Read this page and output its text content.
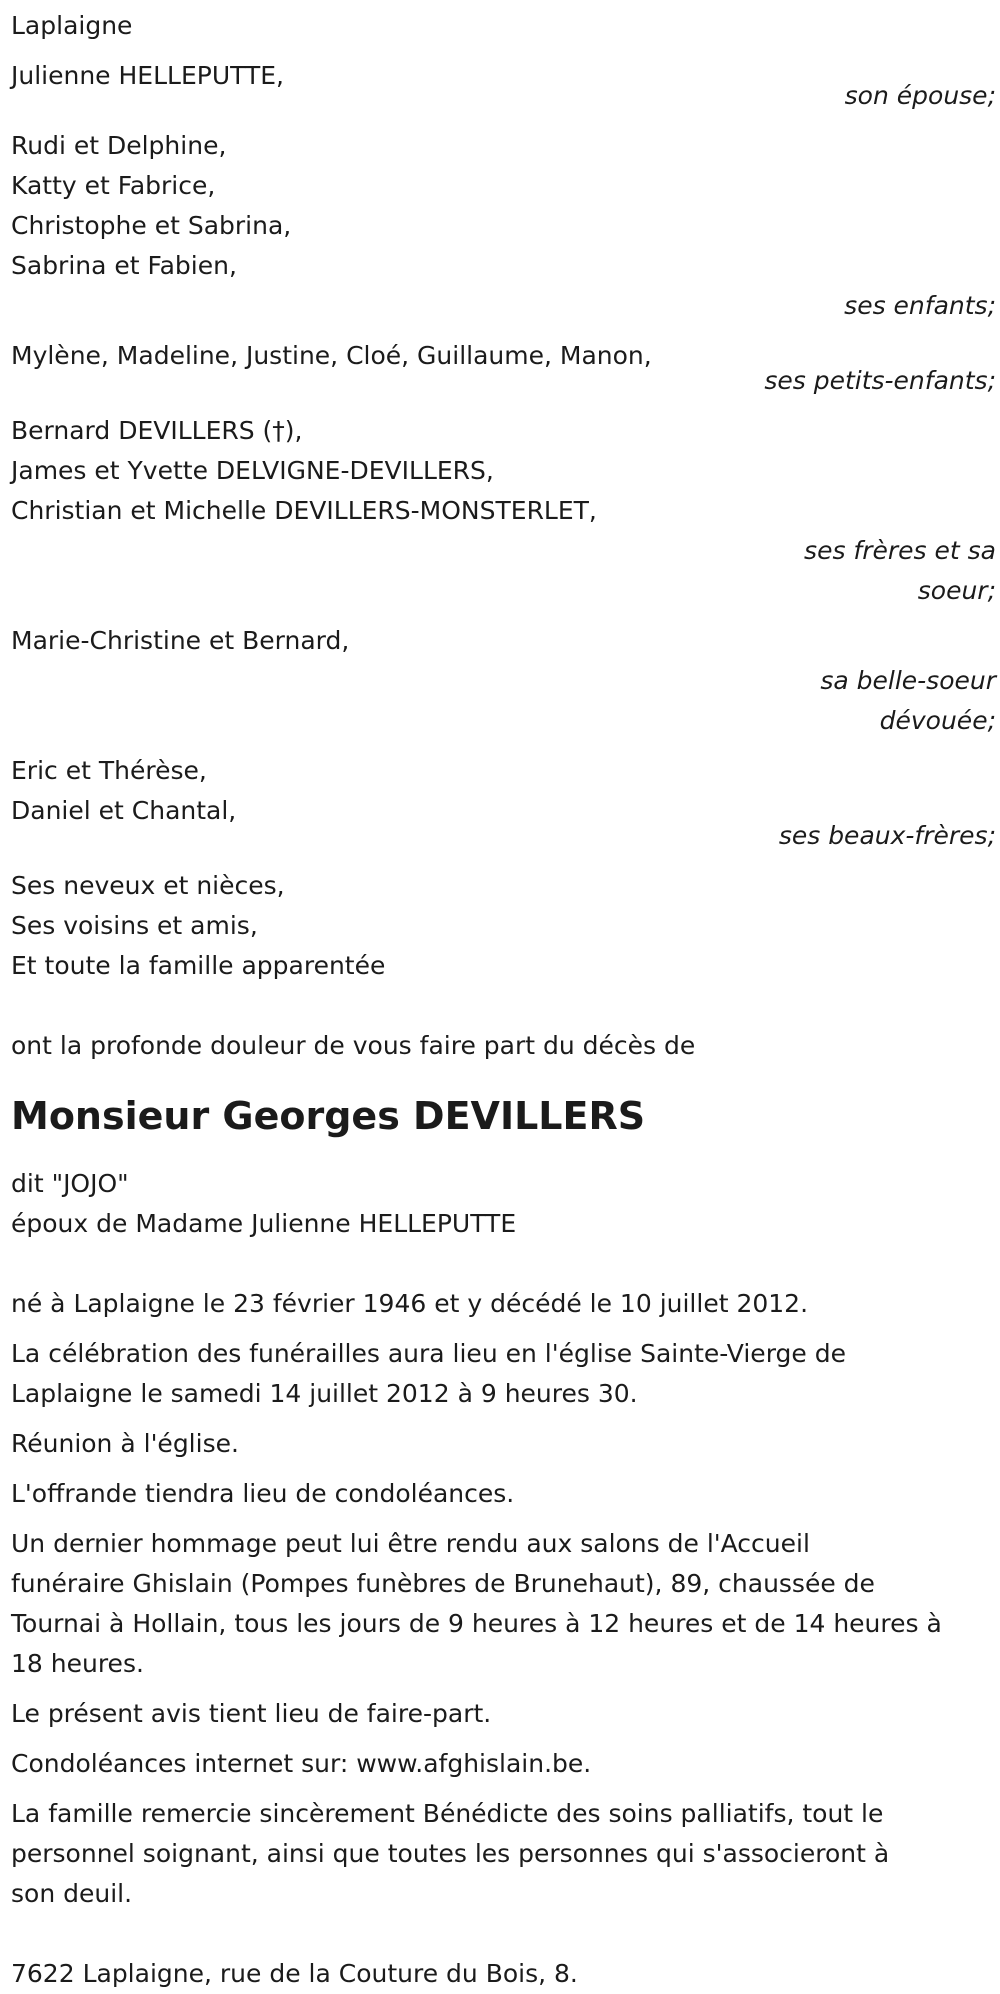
Laplaigne
Julienne HELLEPUTTE,
son épouse;
Rudi et Delphine,
Katty et Fabrice,
Christophe et Sabrina,
Sabrina et Fabien,
ses enfants;
Mylène, Madeline, Justine, Cloé, Guillaume, Manon,
ses petits-enfants;
Bernard DEVILLERS (†),
James et Yvette DELVIGNE-DEVILLERS,
Christian et Michelle DEVILLERS-MONSTERLET,
ses frères et sa
soeur;
Marie-Christine et Bernard,
sa belle-soeur
dévouée;
Eric et Thérèse,
Daniel et Chantal,
ses beaux-frères;
Ses neveux et nièces,
Ses voisins et amis,
Et toute la famille apparentée
ont la profonde douleur de vous faire part du décès de
Monsieur Georges DEVILLERS
dit "JOJO"
époux de Madame Julienne HELLEPUTTE
né à Laplaigne le 23 février 1946 et y décédé le 10 juillet 2012.
La célébration des funérailles aura lieu en l'église Sainte-Vierge de
Laplaigne le samedi 14 juillet 2012 à 9 heures 30.
Réunion à l'église.
L'offrande tiendra lieu de condoléances.
Un dernier hommage peut lui être rendu aux salons de l'Accueil
funéraire Ghislain (Pompes funèbres de Brunehaut), 89, chaussée de
Tournai à Hollain, tous les jours de 9 heures à 12 heures et de 14 heures à
18 heures.
Le présent avis tient lieu de faire-part.
Condoléances internet sur: www.afghislain.be.
La famille remercie sincèrement Bénédicte des soins palliatifs, tout le
personnel soignant, ainsi que toutes les personnes qui s'associeront à
son deuil.
7622 Laplaigne, rue de la Couture du Bois, 8.
